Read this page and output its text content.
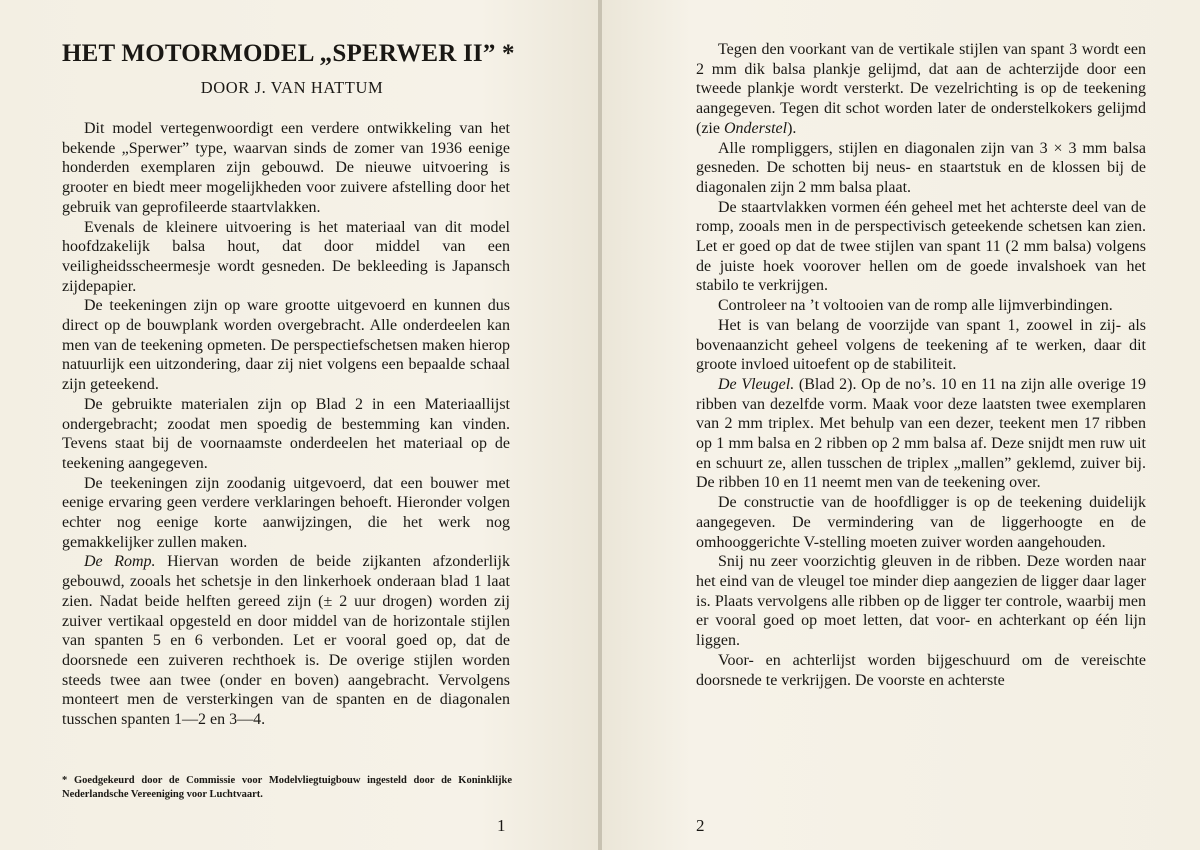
HET MOTORMODEL „SPERWER II” *
DOOR J. VAN HATTUM

Dit model vertegenwoordigt een verdere ontwikkeling van het bekende „Sperwer” type, waarvan sinds de zomer van 1936 eenige honderden exemplaren zijn gebouwd. De nieuwe uitvoering is grooter en biedt meer mogelijkheden voor zuivere afstelling door het gebruik van geprofileerde staartvlakken.

Evenals de kleinere uitvoering is het materiaal van dit model hoofdzakelijk balsa hout, dat door middel van een veiligheidsscheermesje wordt gesneden. De bekleeding is Japansch zijdepapier.

De teekeningen zijn op ware grootte uitgevoerd en kunnen dus direct op de bouwplank worden overgebracht. Alle onderdeelen kan men van de teekening opmeten. De perspectiefschetsen maken hierop natuurlijk een uitzondering, daar zij niet volgens een bepaalde schaal zijn geteekend.

De gebruikte materialen zijn op Blad 2 in een Materiaallijst ondergebracht; zoodat men spoedig de bestemming kan vinden. Tevens staat bij de voornaamste onderdeelen het materiaal op de teekening aangegeven.

De teekeningen zijn zoodanig uitgevoerd, dat een bouwer met eenige ervaring geen verdere verklaringen behoeft. Hieronder volgen echter nog eenige korte aanwijzingen, die het werk nog gemakkelijker zullen maken.

De Romp. Hiervan worden de beide zijkanten afzonderlijk gebouwd, zooals het schetsje in den linkerhoek onderaan blad 1 laat zien. Nadat beide helften gereed zijn (± 2 uur drogen) worden zij zuiver vertikaal opgesteld en door middel van de horizontale stijlen van spanten 5 en 6 verbonden. Let er vooral goed op, dat de doorsnede een zuiveren rechthoek is. De overige stijlen worden steeds twee aan twee (onder en boven) aangebracht. Vervolgens monteert men de versterkingen van de spanten en de diagonalen tusschen spanten 1—2 en 3—4.

* Goedgekeurd door de Commissie voor Modelvliegtuigbouw ingesteld door de Koninklijke Nederlandsche Vereeniging voor Luchtvaart.
1

Tegen den voorkant van de vertikale stijlen van spant 3 wordt een 2 mm dik balsa plankje gelijmd, dat aan de achterzijde door een tweede plankje wordt versterkt. De vezelrichting is op de teekening aangegeven. Tegen dit schot worden later de onderstelkokers gelijmd (zie Onderstel).

Alle rompliggers, stijlen en diagonalen zijn van 3 × 3 mm balsa gesneden. De schotten bij neus- en staartstuk en de klossen bij de diagonalen zijn 2 mm balsa plaat.

De staartvlakken vormen één geheel met het achterste deel van de romp, zooals men in de perspectivisch geteekende schetsen kan zien. Let er goed op dat de twee stijlen van spant 11 (2 mm balsa) volgens de juiste hoek voorover hellen om de goede invalshoek van het stabilo te verkrijgen.

Controleer na ’t voltooien van de romp alle lijmverbindingen.

Het is van belang de voorzijde van spant 1, zoowel in zij- als bovenaanzicht geheel volgens de teekening af te werken, daar dit groote invloed uitoefent op de stabiliteit.

De Vleugel. (Blad 2). Op de no’s. 10 en 11 na zijn alle overige 19 ribben van dezelfde vorm. Maak voor deze laatsten twee exemplaren van 2 mm triplex. Met behulp van een dezer, teekent men 17 ribben op 1 mm balsa en 2 ribben op 2 mm balsa af. Deze snijdt men ruw uit en schuurt ze, allen tusschen de triplex „mallen” geklemd, zuiver bij. De ribben 10 en 11 neemt men van de teekening over.

De constructie van de hoofdligger is op de teekening duidelijk aangegeven. De vermindering van de liggerhoogte en de omhooggerichte V-stelling moeten zuiver worden aangehouden.

Snij nu zeer voorzichtig gleuven in de ribben. Deze worden naar het eind van de vleugel toe minder diep aangezien de ligger daar lager is. Plaats vervolgens alle ribben op de ligger ter controle, waarbij men er vooral goed op moet letten, dat voor- en achterkant op één lijn liggen.

Voor- en achterlijst worden bijgeschuurd om de vereischte doorsnede te verkrijgen. De voorste en achterste

2
